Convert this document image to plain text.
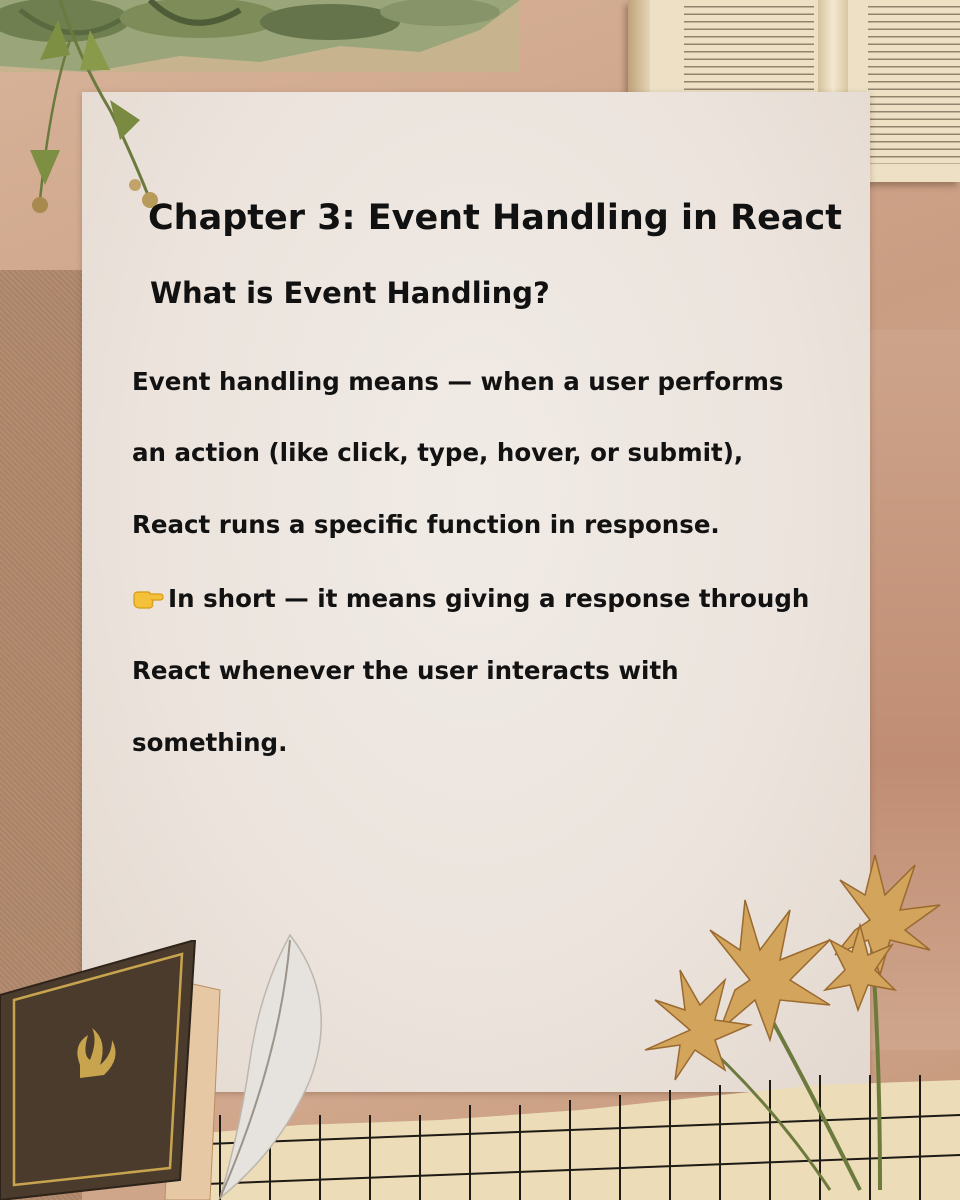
Chapter 3: Event Handling in React
What is Event Handling?

Event handling means — when a user performs

an action (like click, type, hover, or submit),

React runs a specific function in response.

In short — it means giving a response through

React whenever the user interacts with

something.
